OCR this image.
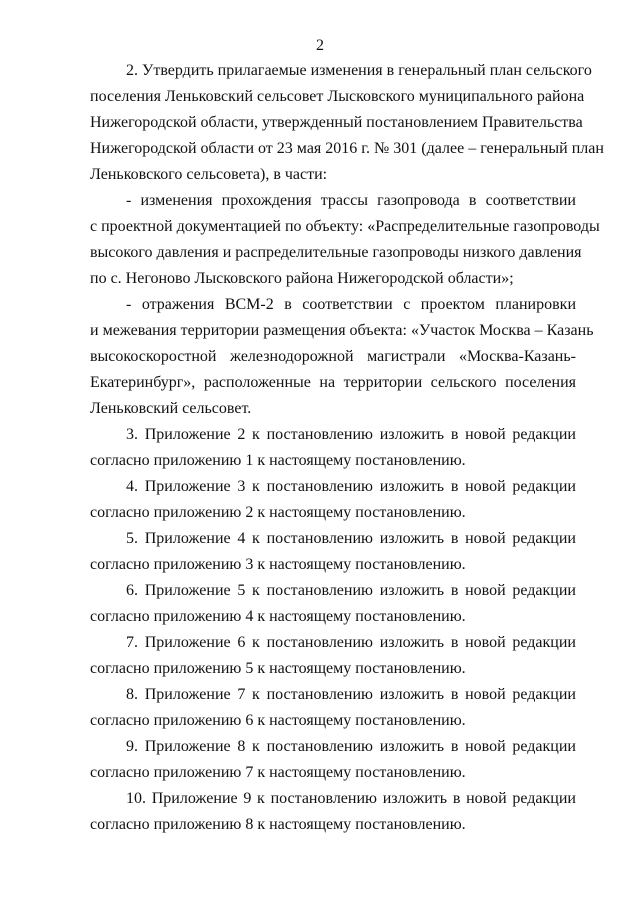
2
2. Утвердить прилагаемые изменения в генеральный план сельского
поселения Леньковский сельсовет Лысковского муниципального района
Нижегородской области, утвержденный постановлением Правительства
Нижегородской области от 23 мая 2016 г. № 301 (далее – генеральный план
Леньковского сельсовета), в части:
- изменения прохождения трассы газопровода в соответствии
с проектной документацией по объекту: «Распределительные газопроводы
высокого давления и распределительные газопроводы низкого давления
по с. Негоново Лысковского района Нижегородской области»;
- отражения ВСМ-2 в соответствии с проектом планировки
и межевания территории размещения объекта: «Участок Москва – Казань
высокоскоростной железнодорожной магистрали «Москва-Казань-
Екатеринбург», расположенные на территории сельского поселения
Леньковский сельсовет.
3. Приложение 2 к постановлению изложить в новой редакции
согласно приложению 1 к настоящему постановлению.
4. Приложение 3 к постановлению изложить в новой редакции
согласно приложению 2 к настоящему постановлению.
5. Приложение 4 к постановлению изложить в новой редакции
согласно приложению 3 к настоящему постановлению.
6. Приложение 5 к постановлению изложить в новой редакции
согласно приложению 4 к настоящему постановлению.
7. Приложение 6 к постановлению изложить в новой редакции
согласно приложению 5 к настоящему постановлению.
8. Приложение 7 к постановлению изложить в новой редакции
согласно приложению 6 к настоящему постановлению.
9. Приложение 8 к постановлению изложить в новой редакции
согласно приложению 7 к настоящему постановлению.
10. Приложение 9 к постановлению изложить в новой редакции
согласно приложению 8 к настоящему постановлению.
